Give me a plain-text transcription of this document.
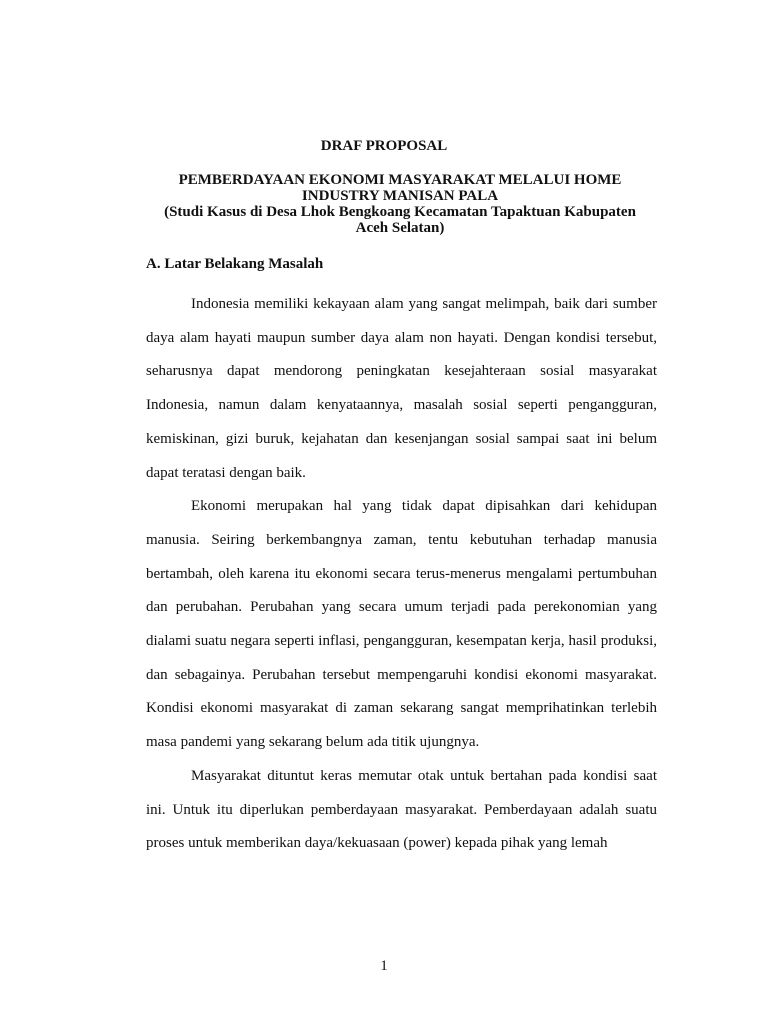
DRAF PROPOSAL
PEMBERDAYAAN EKONOMI MASYARAKAT MELALUI HOME
INDUSTRY MANISAN PALA
(Studi Kasus di Desa Lhok Bengkoang Kecamatan Tapaktuan Kabupaten
Aceh Selatan)
A. Latar Belakang Masalah

Indonesia memiliki kekayaan alam yang sangat melimpah, baik dari sumber daya alam hayati maupun sumber daya alam non hayati. Dengan kondisi tersebut, seharusnya dapat mendorong peningkatan kesejahteraan sosial masyarakat Indonesia, namun dalam kenyataannya, masalah sosial seperti pengangguran, kemiskinan, gizi buruk, kejahatan dan kesenjangan sosial sampai saat ini belum dapat teratasi dengan baik.

Ekonomi merupakan hal yang tidak dapat dipisahkan dari kehidupan manusia. Seiring berkembangnya zaman, tentu kebutuhan terhadap manusia bertambah, oleh karena itu ekonomi secara terus-menerus mengalami pertumbuhan dan perubahan. Perubahan yang secara umum terjadi pada perekonomian yang dialami suatu negara seperti inflasi, pengangguran, kesempatan kerja, hasil produksi, dan sebagainya. Perubahan tersebut mempengaruhi kondisi ekonomi masyarakat. Kondisi ekonomi masyarakat di zaman sekarang sangat memprihatinkan terlebih masa pandemi yang sekarang belum ada titik ujungnya.

Masyarakat dituntut keras memutar otak untuk bertahan pada kondisi saat ini. Untuk itu diperlukan pemberdayaan masyarakat. Pemberdayaan adalah suatu proses untuk memberikan daya/kekuasaan (power) kepada pihak yang lemah

1
